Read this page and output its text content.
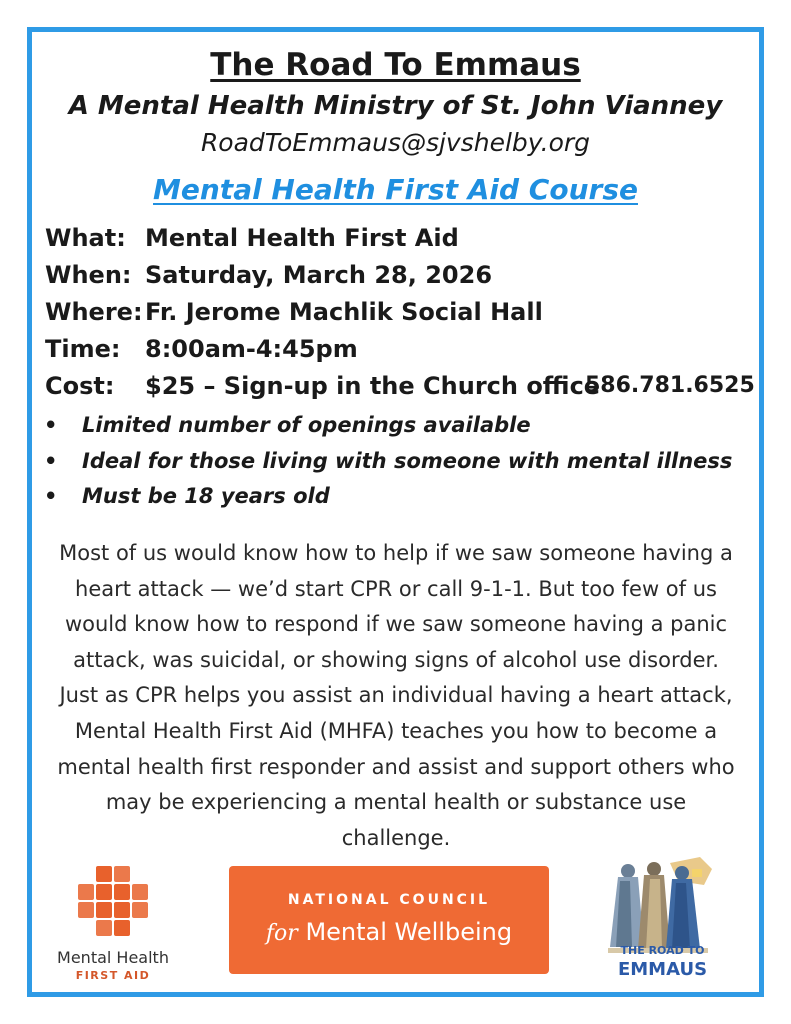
The Road To Emmaus
A Mental Health Ministry of St. John Vianney
RoadToEmmaus@sjvshelby.org
Mental Health First Aid Course
What: Mental Health First Aid
When: Saturday, March 28, 2026
Where: Fr. Jerome Machlik Social Hall
Time: 8:00am-4:45pm
Cost: $25 – Sign-up in the Church office
586.781.6525
• Limited number of openings available
• Ideal for those living with someone with mental illness
• Must be 18 years old
Most of us would know how to help if we saw someone having a heart attack — we’d start CPR or call 9-1-1. But too few of us would know how to respond if we saw someone having a panic attack, was suicidal, or showing signs of alcohol use disorder. Just as CPR helps you assist an individual having a heart attack, Mental Health First Aid (MHFA) teaches you how to become a mental health first responder and assist and support others who may be experiencing a mental health or substance use challenge.
Mental Health
FIRST AID
NATIONAL COUNCIL
for Mental Wellbeing
THE ROAD TO
EMMAUS
